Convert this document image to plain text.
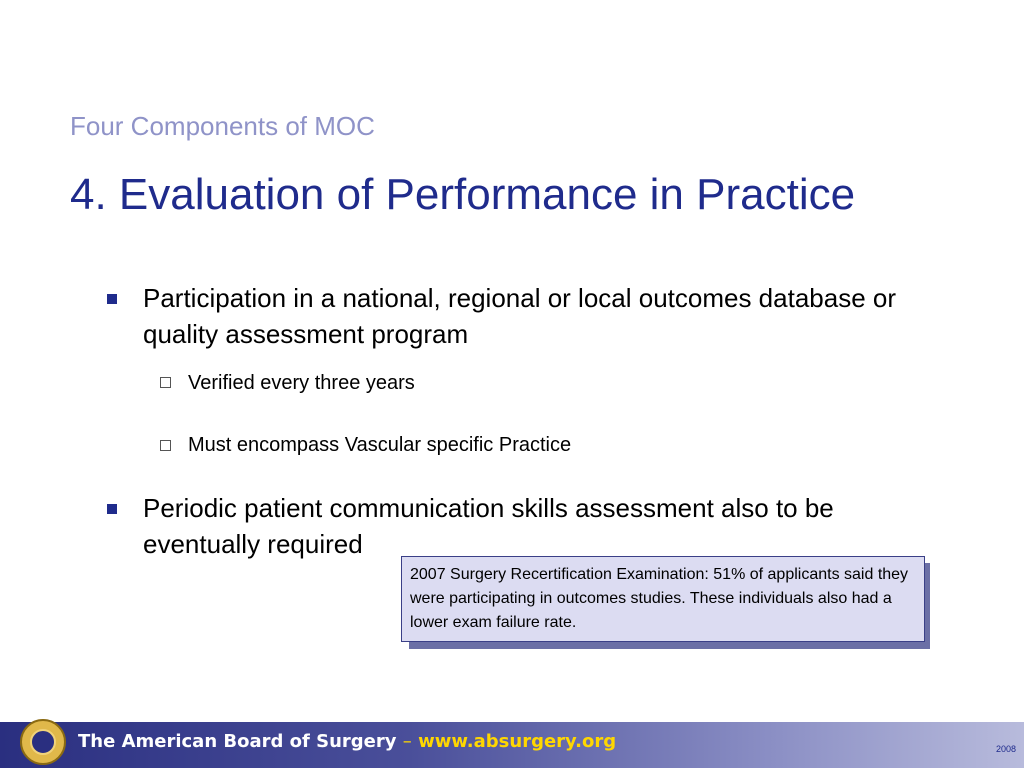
Four Components of MOC
4. Evaluation of Performance in Practice
Participation in a national, regional or local outcomes database or quality assessment program
Verified every three years
Must encompass Vascular specific Practice
Periodic patient communication skills assessment also to be eventually required
2007 Surgery Recertification Examination: 51% of applicants said they were participating in outcomes studies. These individuals also had a lower exam failure rate.
The American Board of Surgery – www.absurgery.org	2008
